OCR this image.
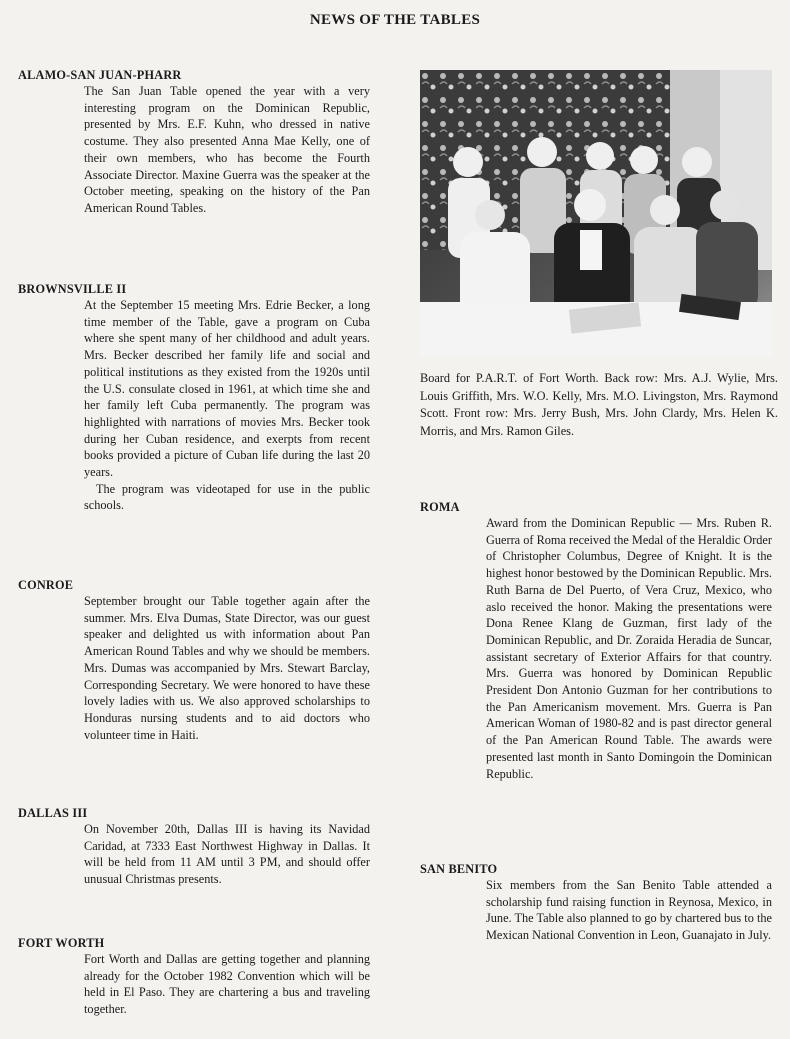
NEWS OF THE TABLES
ALAMO-SAN JUAN-PHARR

The San Juan Table opened the year with a very interesting program on the Dominican Republic, presented by Mrs. E.F. Kuhn, who dressed in native costume. They also presented Anna Mae Kelly, one of their own members, who has become the Fourth Associate Director. Maxine Guerra was the speaker at the October meeting, speaking on the history of the Pan American Round Tables.

BROWNSVILLE II

At the September 15 meeting Mrs. Edrie Becker, a long time member of the Table, gave a program on Cuba where she spent many of her childhood and adult years. Mrs. Becker described her family life and social and political institutions as they existed from the 1920s until the U.S. consulate closed in 1961, at which time she and her family left Cuba permanently. The program was highlighted with narrations of movies Mrs. Becker took during her Cuban residence, and exerpts from recent books provided a picture of Cuban life during the last 20 years.

The program was videotaped for use in the public schools.

CONROE

September brought our Table together again after the summer. Mrs. Elva Dumas, State Director, was our guest speaker and delighted us with information about Pan American Round Tables and why we should be members. Mrs. Dumas was accompanied by Mrs. Stewart Barclay, Corresponding Secretary. We were honored to have these lovely ladies with us. We also approved scholarships to Honduras nursing students and to aid doctors who volunteer time in Haiti.

DALLAS III

On November 20th, Dallas III is having its Navidad Caridad, at 7333 East Northwest Highway in Dallas. It will be held from 11 AM until 3 PM, and should offer unusual Christmas presents.

FORT WORTH

Fort Worth and Dallas are getting together and planning already for the October 1982 Convention which will be held in El Paso. They are chartering a bus and traveling together.

Board for P.A.R.T. of Fort Worth. Back row: Mrs. A.J. Wylie, Mrs. Louis Griffith, Mrs. W.O. Kelly, Mrs. M.O. Livingston, Mrs. Raymond Scott. Front row: Mrs. Jerry Bush, Mrs. John Clardy, Mrs. Helen K. Morris, and Mrs. Ramon Giles.

ROMA

Award from the Dominican Republic — Mrs. Ruben R. Guerra of Roma received the Medal of the Heraldic Order of Christopher Columbus, Degree of Knight. It is the highest honor bestowed by the Dominican Republic. Mrs. Ruth Barna de Del Puerto, of Vera Cruz, Mexico, who aslo received the honor. Making the presentations were Dona Renee Klang de Guzman, first lady of the Dominican Republic, and Dr. Zoraida Heradia de Suncar, assistant secretary of Exterior Affairs for that country. Mrs. Guerra was honored by Dominican Republic President Don Antonio Guzman for her contributions to the Pan Americanism movement. Mrs. Guerra is Pan American Woman of 1980-82 and is past director general of the Pan American Round Table. The awards were presented last month in Santo Domingoin the Dominican Republic.

SAN BENITO

Six members from the San Benito Table attended a scholarship fund raising function in Reynosa, Mexico, in June. The Table also planned to go by chartered bus to the Mexican National Convention in Leon, Guanajato in July.
